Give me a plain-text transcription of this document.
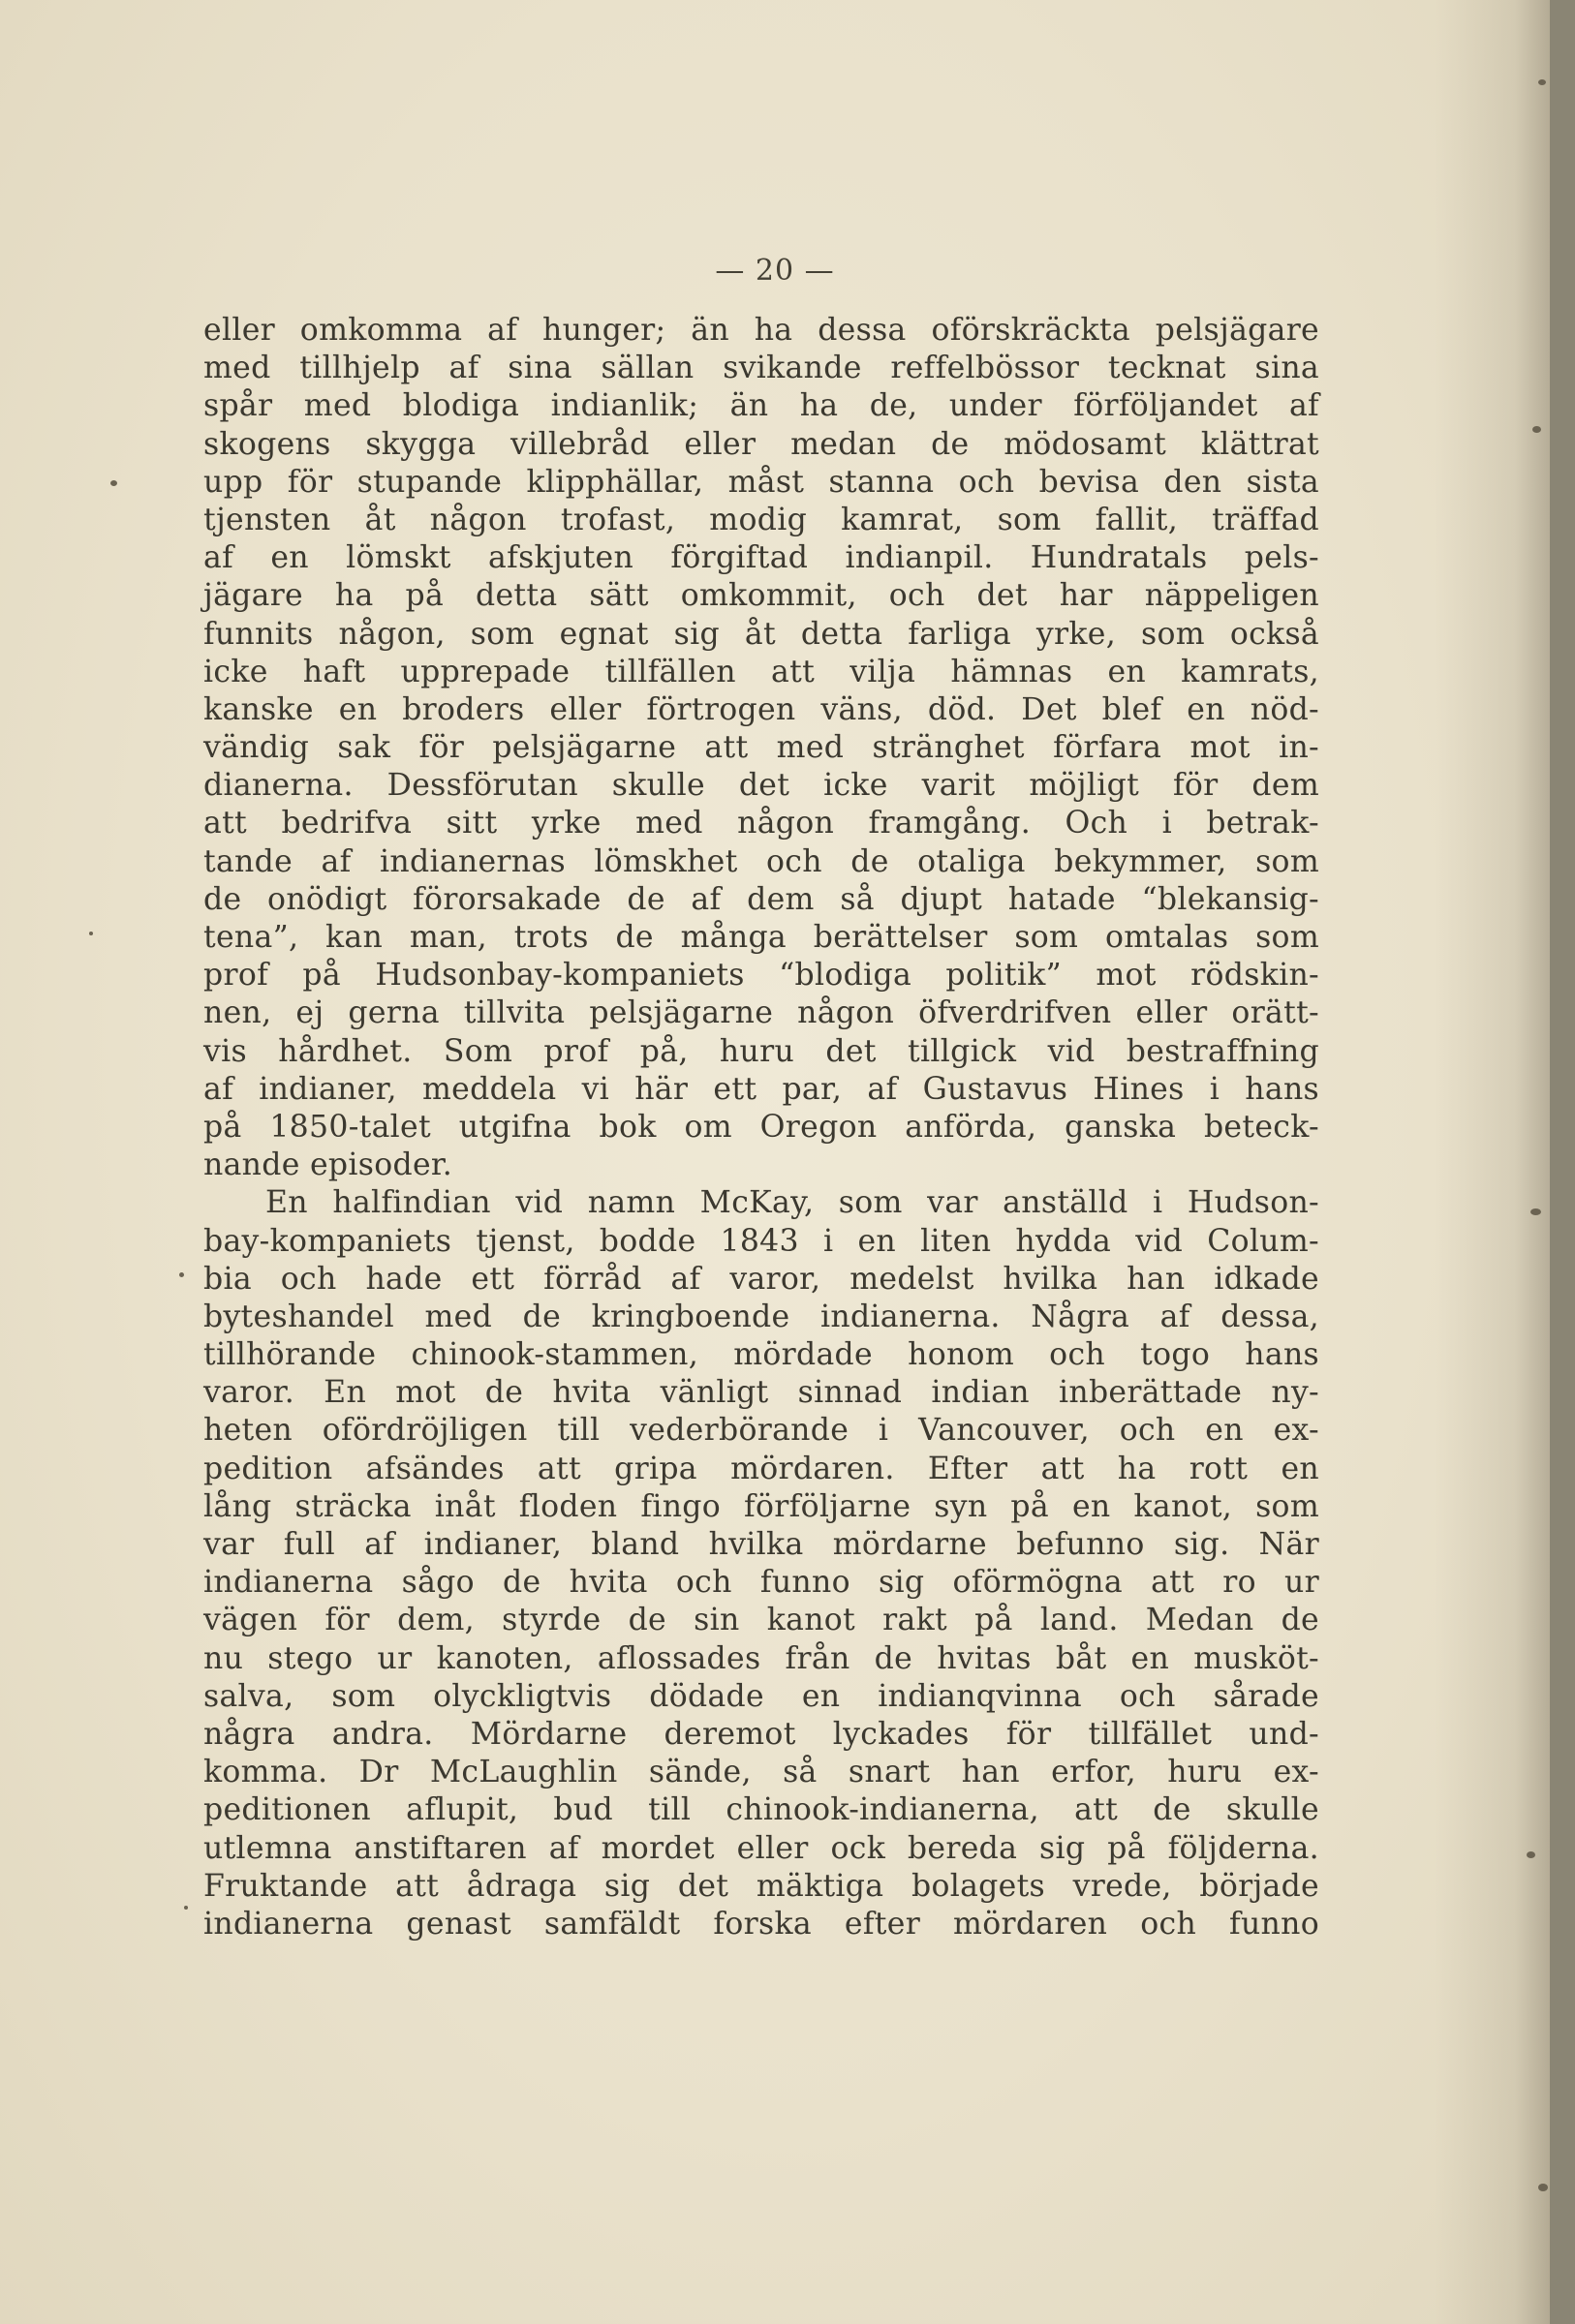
— 20 —
eller omkomma af hunger; än ha dessa oförskräckta pelsjägare
med tillhjelp af sina sällan svikande reffelbössor tecknat sina
spår med blodiga indianlik; än ha de, under förföljandet af
skogens skygga villebråd eller medan de mödosamt klättrat
upp för stupande klipphällar, måst stanna och bevisa den sista
tjensten åt någon trofast, modig kamrat, som fallit, träffad
af en lömskt afskjuten förgiftad indianpil. Hundratals pels-
jägare ha på detta sätt omkommit, och det har näppeligen
funnits någon, som egnat sig åt detta farliga yrke, som också
icke haft upprepade tillfällen att vilja hämnas en kamrats,
kanske en broders eller förtrogen väns, död. Det blef en nöd-
vändig sak för pelsjägarne att med stränghet förfara mot in-
dianerna. Dessförutan skulle det icke varit möjligt för dem
att bedrifva sitt yrke med någon framgång. Och i betrak-
tande af indianernas lömskhet och de otaliga bekymmer, som
de onödigt förorsakade de af dem så djupt hatade “blekansig-
tena”, kan man, trots de många berättelser som omtalas som
prof på Hudsonbay-kompaniets “blodiga politik” mot rödskin-
nen, ej gerna tillvita pelsjägarne någon öfverdrifven eller orätt-
vis hårdhet. Som prof på, huru det tillgick vid bestraffning
af indianer, meddela vi här ett par, af Gustavus Hines i hans
på 1850-talet utgifna bok om Oregon anförda, ganska beteck-
nande episoder.
En halfindian vid namn McKay, som var anställd i Hudson-
bay-kompaniets tjenst, bodde 1843 i en liten hydda vid Colum-
bia och hade ett förråd af varor, medelst hvilka han idkade
byteshandel med de kringboende indianerna. Några af dessa,
tillhörande chinook-stammen, mördade honom och togo hans
varor. En mot de hvita vänligt sinnad indian inberättade ny-
heten ofördröjligen till vederbörande i Vancouver, och en ex-
pedition afsändes att gripa mördaren. Efter att ha rott en
lång sträcka inåt floden fingo förföljarne syn på en kanot, som
var full af indianer, bland hvilka mördarne befunno sig. När
indianerna sågo de hvita och funno sig oförmögna att ro ur
vägen för dem, styrde de sin kanot rakt på land. Medan de
nu stego ur kanoten, aflossades från de hvitas båt en musköt-
salva, som olyckligtvis dödade en indianqvinna och sårade
några andra. Mördarne deremot lyckades för tillfället und-
komma. Dr McLaughlin sände, så snart han erfor, huru ex-
peditionen aflupit, bud till chinook-indianerna, att de skulle
utlemna anstiftaren af mordet eller ock bereda sig på följderna.
Fruktande att ådraga sig det mäktiga bolagets vrede, började
indianerna genast samfäldt forska efter mördaren och funno
